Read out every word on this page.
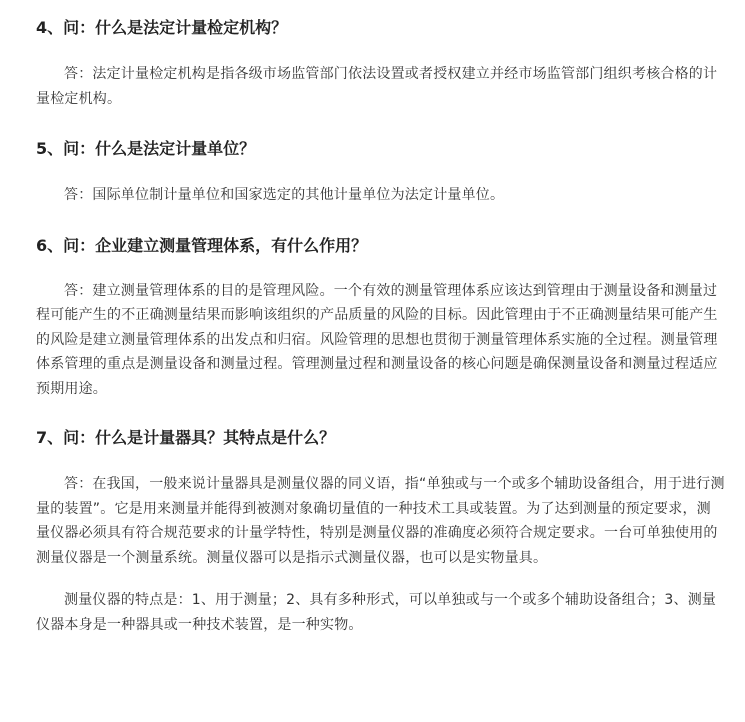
4、问：什么是法定计量检定机构？

答：法定计量检定机构是指各级市场监管部门依法设置或者授权建立并经市场监管部门组织考核合格的计量检定机构。

5、问：什么是法定计量单位？

答：国际单位制计量单位和国家选定的其他计量单位为法定计量单位。

6、问：企业建立测量管理体系，有什么作用？

答：建立测量管理体系的目的是管理风险。一个有效的测量管理体系应该达到管理由于测量设备和测量过程可能产生的不正确测量结果而影响该组织的产品质量的风险的目标。因此管理由于不正确测量结果可能产生的风险是建立测量管理体系的出发点和归宿。风险管理的思想也贯彻于测量管理体系实施的全过程。测量管理体系管理的重点是测量设备和测量过程。管理测量过程和测量设备的核心问题是确保测量设备和测量过程适应预期用途。

7、问：什么是计量器具？其特点是什么？

答：在我国，一般来说计量器具是测量仪器的同义语，指“单独或与一个或多个辅助设备组合，用于进行测量的装置”。它是用来测量并能得到被测对象确切量值的一种技术工具或装置。为了达到测量的预定要求，测量仪器必须具有符合规范要求的计量学特性，特别是测量仪器的准确度必须符合规定要求。一台可单独使用的测量仪器是一个测量系统。测量仪器可以是指示式测量仪器，也可以是实物量具。

测量仪器的特点是：1、用于测量；2、具有多种形式，可以单独或与一个或多个辅助设备组合；3、测量仪器本身是一种器具或一种技术装置，是一种实物。
